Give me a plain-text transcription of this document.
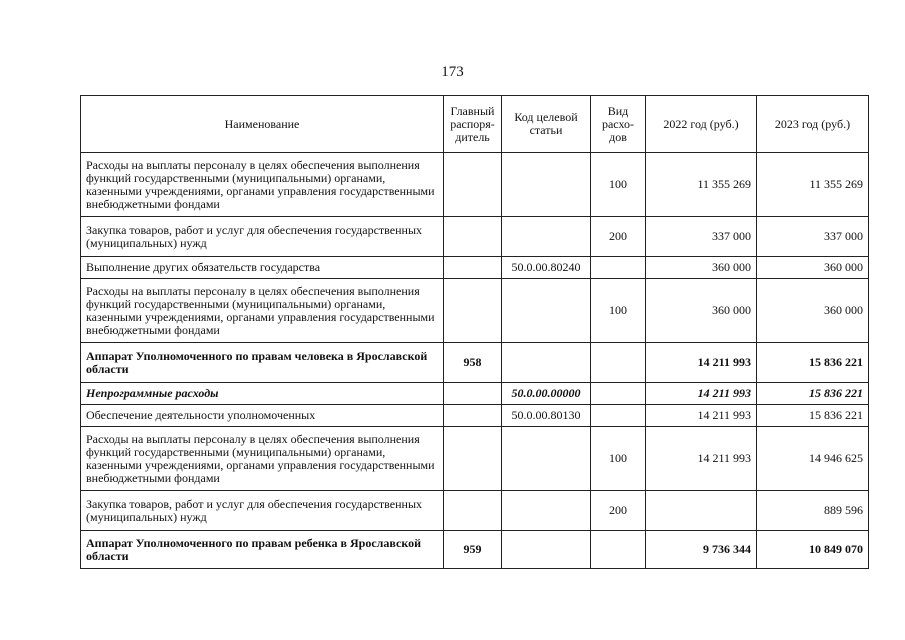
173
Наименование	Главный распоря-дитель	Код целевой статьи	Вид расхо-дов	2022 год (руб.)	2023 год (руб.)
Расходы на выплаты персоналу в целях обеспечения выполнения функций государственными (муниципальными) органами, казенными учреждениями, органами управления государственными внебюджетными фондами			100	11 355 269	11 355 269
Закупка товаров, работ и услуг для обеспечения государственных (муниципальных) нужд			200	337 000	337 000
Выполнение других обязательств государства		50.0.00.80240		360 000	360 000
Расходы на выплаты персоналу в целях обеспечения выполнения функций государственными (муниципальными) органами, казенными учреждениями, органами управления государственными внебюджетными фондами			100	360 000	360 000
Аппарат Уполномоченного по правам человека в Ярославской области	958			14 211 993	15 836 221
Непрограммные расходы		50.0.00.00000		14 211 993	15 836 221
Обеспечение деятельности уполномоченных		50.0.00.80130		14 211 993	15 836 221
Расходы на выплаты персоналу в целях обеспечения выполнения функций государственными (муниципальными) органами, казенными учреждениями, органами управления государственными внебюджетными фондами			100	14 211 993	14 946 625
Закупка товаров, работ и услуг для обеспечения государственных (муниципальных) нужд			200		889 596
Аппарат Уполномоченного по правам ребенка в Ярославской области	959			9 736 344	10 849 070
